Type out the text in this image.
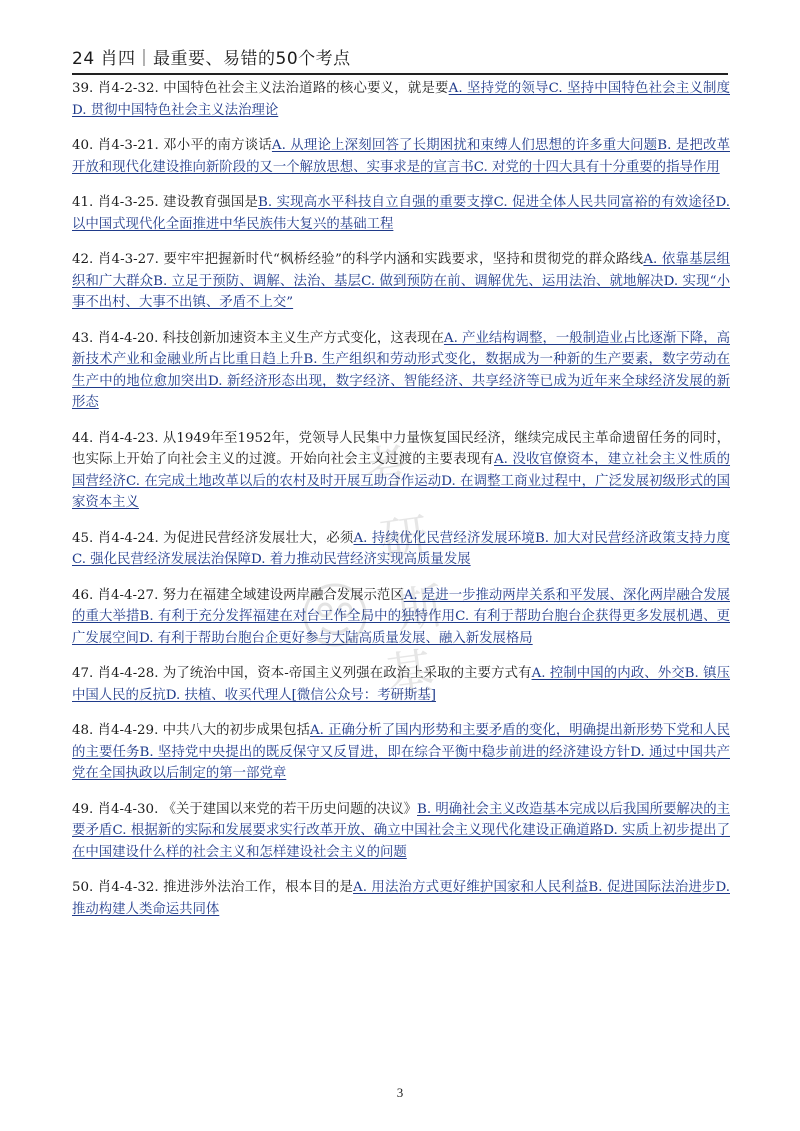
24 肖四｜最重要、易错的50个考点

39. 肖4-2-32. 中国特色社会主义法治道路的核心要义，就是要A. 坚持党的领导C. 坚持中国特色社会主义制度D. 贯彻中国特色社会主义法治理论

40. 肖4-3-21. 邓小平的南方谈话A. 从理论上深刻回答了长期困扰和束缚人们思想的许多重大问题B. 是把改革开放和现代化建设推向新阶段的又一个解放思想、实事求是的宣言书C. 对党的十四大具有十分重要的指导作用

41. 肖4-3-25. 建设教育强国是B. 实现高水平科技自立自强的重要支撑C. 促进全体人民共同富裕的有效途径D. 以中国式现代化全面推进中华民族伟大复兴的基础工程

42. 肖4-3-27. 要牢牢把握新时代“枫桥经验”的科学内涵和实践要求，坚持和贯彻党的群众路线A. 依靠基层组织和广大群众B. 立足于预防、调解、法治、基层C. 做到预防在前、调解优先、运用法治、就地解决D. 实现“小事不出村、大事不出镇、矛盾不上交”

43. 肖4-4-20. 科技创新加速资本主义生产方式变化，这表现在A. 产业结构调整，一般制造业占比逐渐下降，高新技术产业和金融业所占比重日趋上升B. 生产组织和劳动形式变化，数据成为一种新的生产要素，数字劳动在生产中的地位愈加突出D. 新经济形态出现，数字经济、智能经济、共享经济等已成为近年来全球经济发展的新形态

44. 肖4-4-23. 从1949年至1952年，党领导人民集中力量恢复国民经济，继续完成民主革命遗留任务的同时，也实际上开始了向社会主义的过渡。开始向社会主义过渡的主要表现有A. 没收官僚资本，建立社会主义性质的国营经济C. 在完成土地改革以后的农村及时开展互助合作运动D. 在调整工商业过程中，广泛发展初级形式的国家资本主义

45. 肖4-4-24. 为促进民营经济发展壮大，必须A. 持续优化民营经济发展环境B. 加大对民营经济政策支持力度C. 强化民营经济发展法治保障D. 着力推动民营经济实现高质量发展

46. 肖4-4-27. 努力在福建全域建设两岸融合发展示范区A. 是进一步推动两岸关系和平发展、深化两岸融合发展的重大举措B. 有利于充分发挥福建在对台工作全局中的独特作用C. 有利于帮助台胞台企获得更多发展机遇、更广发展空间D. 有利于帮助台胞台企更好参与大陆高质量发展、融入新发展格局

47. 肖4-4-28. 为了统治中国，资本-帝国主义列强在政治上采取的主要方式有A. 控制中国的内政、外交B. 镇压中国人民的反抗D. 扶植、收买代理人[微信公众号：考研斯基]

48. 肖4-4-29. 中共八大的初步成果包括A. 正确分析了国内形势和主要矛盾的变化，明确提出新形势下党和人民的主要任务B. 坚持党中央提出的既反保守又反冒进，即在综合平衡中稳步前进的经济建设方针D. 通过中国共产党在全国执政以后制定的第一部党章

49. 肖4-4-30. 《关于建国以来党的若干历史问题的决议》B. 明确社会主义改造基本完成以后我国所要解决的主要矛盾C. 根据新的实际和发展要求实行改革开放、确立中国社会主义现代化建设正确道路D. 实质上初步提出了在中国建设什么样的社会主义和怎样建设社会主义的问题

50. 肖4-4-32. 推进涉外法治工作，根本目的是A. 用法治方式更好维护国家和人民利益B. 促进国际法治进步D. 推动构建人类命运共同体

考
研
斯
基
3
